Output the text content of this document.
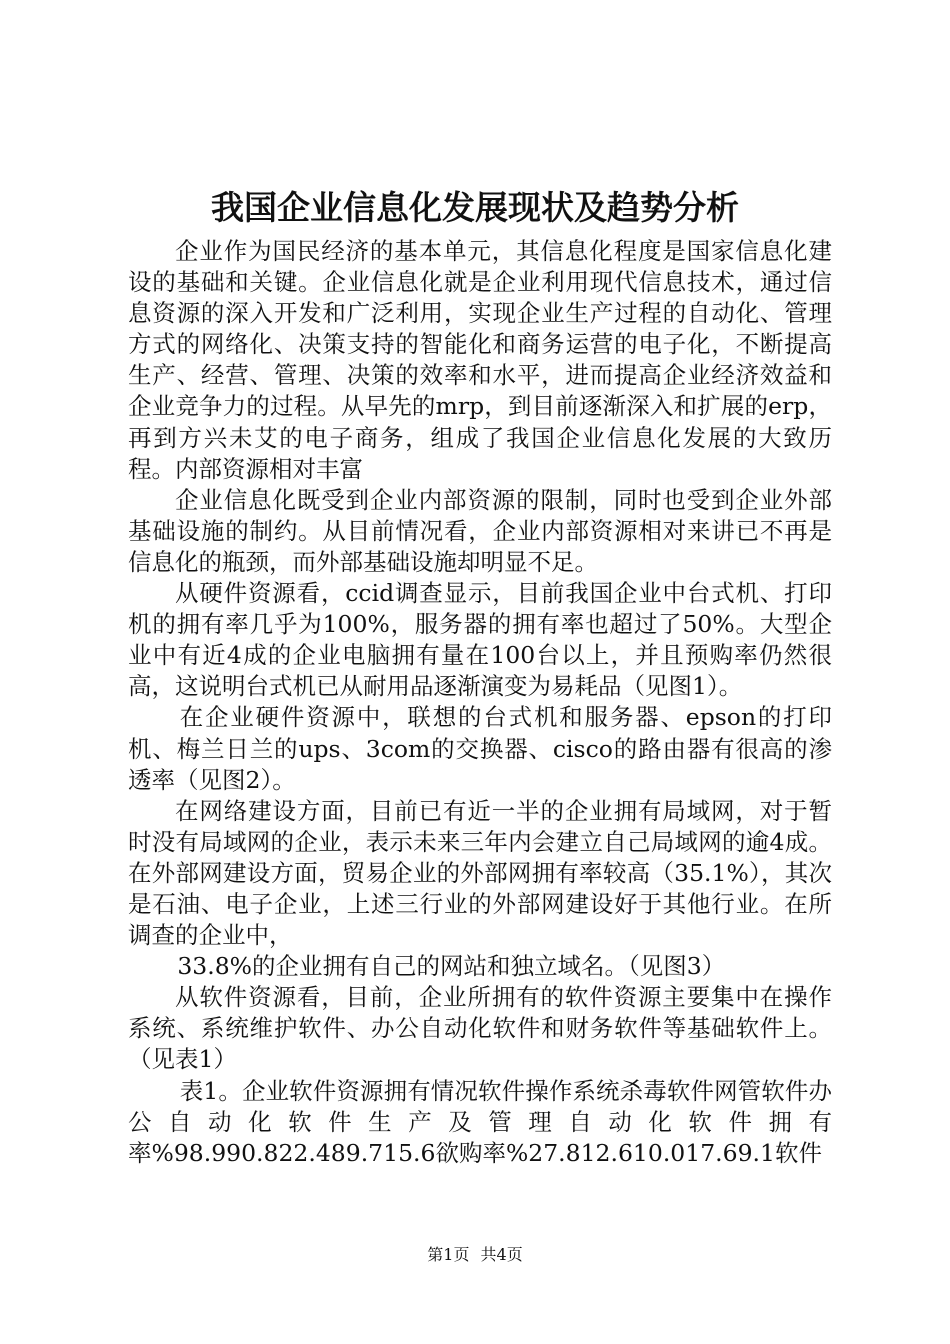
我国企业信息化发展现状及趋势分析

企业作为国民经济的基本单元，其信息化程度是国家信息化建设的基础和关键。企业信息化就是企业利用现代信息技术，通过信息资源的深入开发和广泛利用，实现企业生产过程的自动化、管理方式的网络化、决策支持的智能化和商务运营的电子化，不断提高生产、经营、管理、决策的效率和水平，进而提高企业经济效益和企业竞争力的过程。从早先的mrp，到目前逐渐深入和扩展的erp，再到方兴未艾的电子商务，组成了我国企业信息化发展的大致历程。内部资源相对丰富

企业信息化既受到企业内部资源的限制，同时也受到企业外部基础设施的制约。从目前情况看，企业内部资源相对来讲已不再是信息化的瓶颈，而外部基础设施却明显不足。

从硬件资源看，ccid调查显示，目前我国企业中台式机、打印机的拥有率几乎为100%，服务器的拥有率也超过了50%。大型企业中有近4成的企业电脑拥有量在100台以上，并且预购率仍然很高，这说明台式机已从耐用品逐渐演变为易耗品（见图1）。

在企业硬件资源中，联想的台式机和服务器、epson的打印机、梅兰日兰的ups、3com的交换器、cisco的路由器有很高的渗透率（见图2）。

在网络建设方面，目前已有近一半的企业拥有局域网，对于暂时没有局域网的企业，表示未来三年内会建立自己局域网的逾4成。在外部网建设方面，贸易企业的外部网拥有率较高（35.1%），其次是石油、电子企业，上述三行业的外部网建设好于其他行业。在所调查的企业中，

33.8%的企业拥有自己的网站和独立域名。（见图3）

从软件资源看，目前，企业所拥有的软件资源主要集中在操作系统、系统维护软件、办公自动化软件和财务软件等基础软件上。（见表1）

表1。企业软件资源拥有情况软件操作系统杀毒软件网管软件办公自动化软件生产及管理自动化软件拥有率%98.990.822.489.715.6欲购率%27.812.610.017.69.1软件

第1页 共4页
